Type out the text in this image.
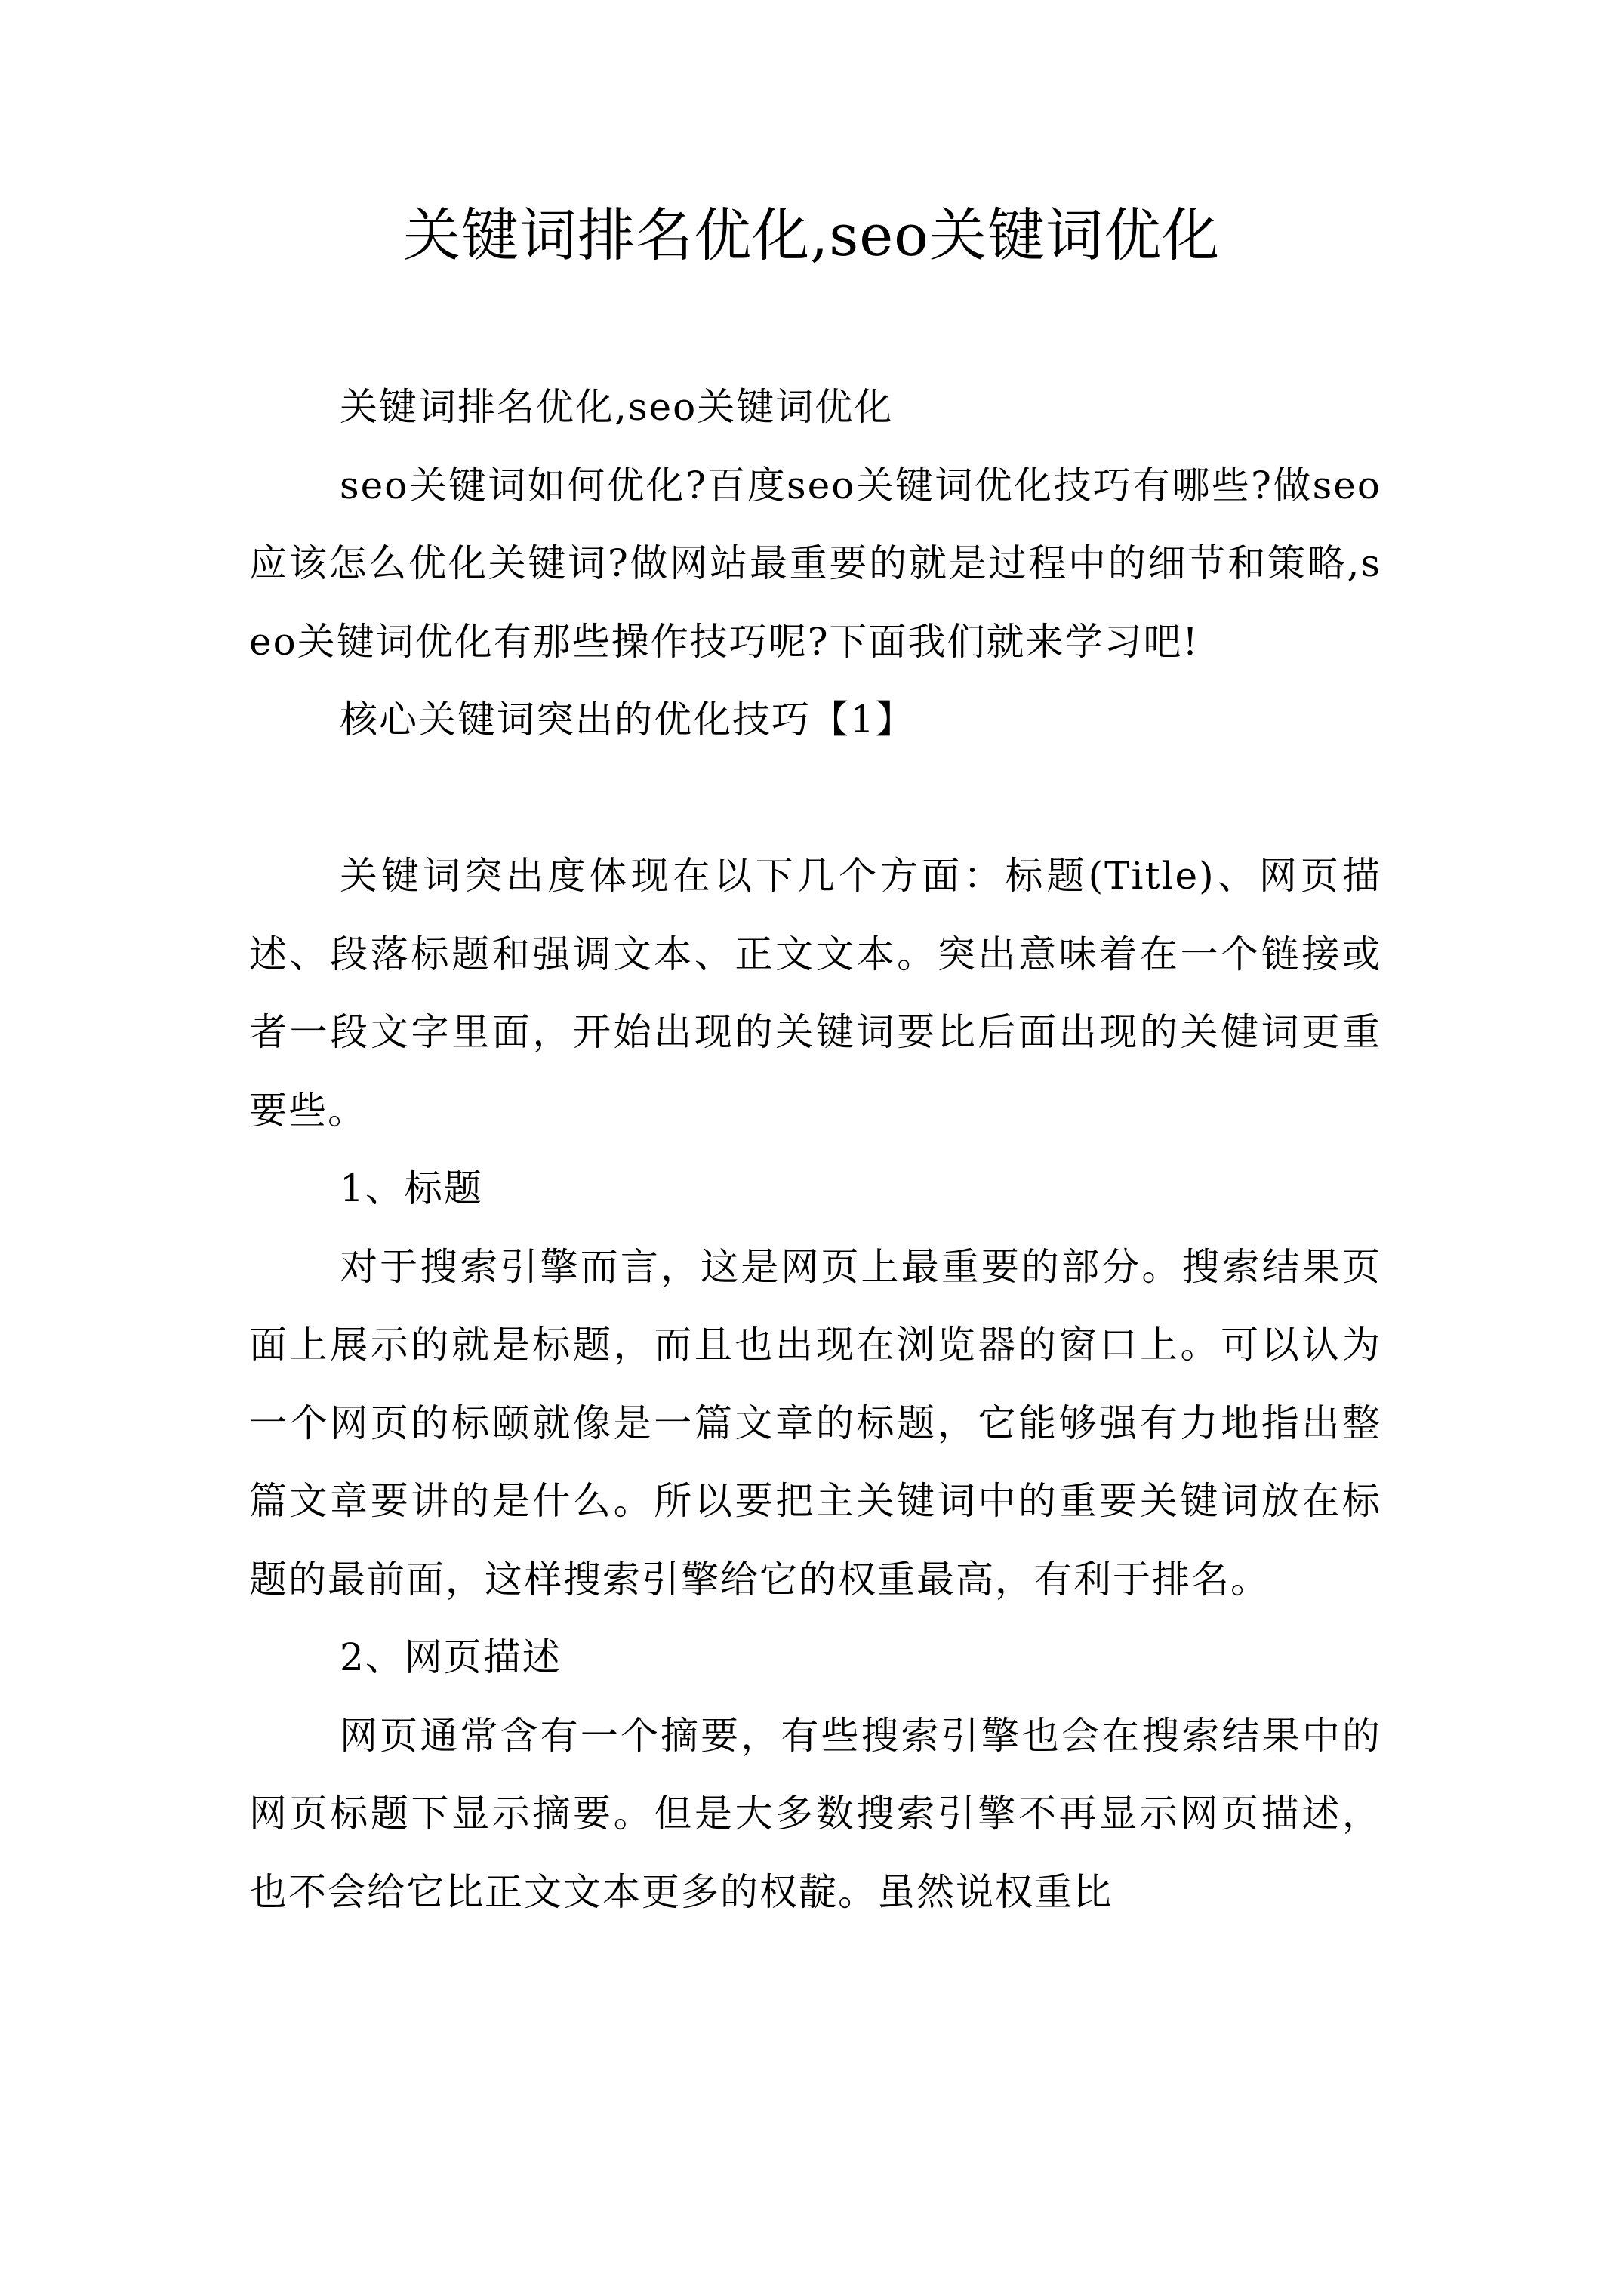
关键词排名优化,seo关键词优化

关键词排名优化,seo关键词优化

seo关键词如何优化?百度seo关键词优化技巧有哪些?做seo应该怎么优化关键词?做网站最重要的就是过程中的细节和策略,seo关键词优化有那些操作技巧呢?下面我们就来学习吧!

核心关键词突出的优化技巧【1】

关键词突出度体现在以下几个方面：标题(Title)、网页描述、段落标题和强调文本、正文文本。突出意味着在一个链接或者一段文字里面，开始出现的关键词要比后面出现的关健词更重要些。

1、标题

对于搜索引擎而言，这是网页上最重要的部分。搜索结果页面上展示的就是标题，而且也出现在浏览器的窗口上。可以认为一个网页的标颐就像是一篇文章的标题，它能够强有力地指出整篇文章要讲的是什么。所以要把主关键词中的重要关键词放在标题的最前面，这样搜索引擎给它的权重最高，有利于排名。

2、网页描述

网页通常含有一个摘要，有些搜索引擎也会在搜索结果中的网页标题下显示摘要。但是大多数搜索引擎不再显示网页描述，也不会给它比正文文本更多的权靛。虽然说权重比
